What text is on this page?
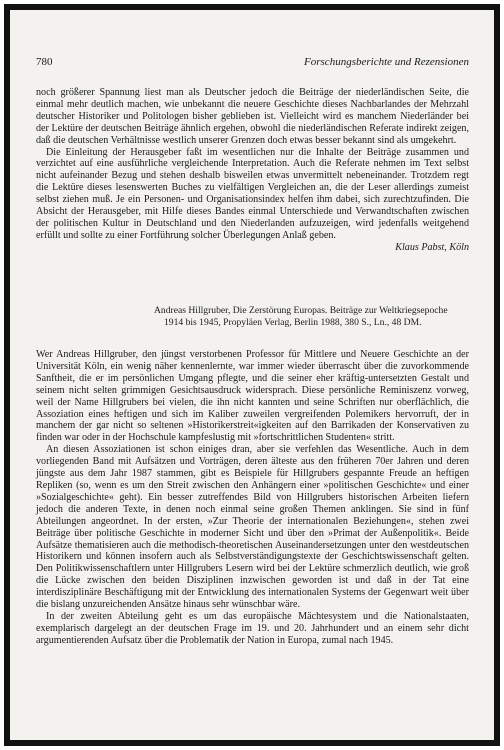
780	Forschungsberichte und Rezensionen

noch größerer Spannung liest man als Deutscher jedoch die Beiträge der niederländischen Seite, die einmal mehr deutlich machen, wie unbekannt die neuere Geschichte dieses Nachbarlandes der Mehrzahl deutscher Historiker und Politologen bisher geblieben ist. Vielleicht wird es manchem Niederländer bei der Lektüre der deutschen Beiträge ähnlich ergehen, obwohl die niederländischen Referate indirekt zeigen, daß die deutschen Verhältnisse westlich unserer Grenzen doch etwas besser bekannt sind als umgekehrt.

Die Einleitung der Herausgeber faßt im wesentlichen nur die Inhalte der Beiträge zusammen und verzichtet auf eine ausführliche vergleichende Interpretation. Auch die Referate nehmen im Text selbst nicht aufeinander Bezug und stehen deshalb bisweilen etwas unvermittelt nebeneinander. Trotzdem regt die Lektüre dieses lesenswerten Buches zu vielfältigen Vergleichen an, die der Leser allerdings zumeist selbst ziehen muß. Je ein Personen- und Organisationsindex helfen ihm dabei, sich zurechtzufinden. Die Absicht der Herausgeber, mit Hilfe dieses Bandes einmal Unterschiede und Verwandtschaften zwischen der politischen Kultur in Deutschland und den Niederlanden aufzuzeigen, wird jedenfalls weitgehend erfüllt und sollte zu einer Fortführung solcher Überlegungen Anlaß geben.

Klaus Pabst, Köln
Andreas Hillgruber, Die Zerstörung Europas. Beiträge zur Weltkriegsepoche
1914 bis 1945, Propyläen Verlag, Berlin 1988, 380 S., Ln., 48 DM.

Wer Andreas Hillgruber, den jüngst verstorbenen Professor für Mittlere und Neuere Geschichte an der Universität Köln, ein wenig näher kennenlernte, war immer wieder überrascht über die zuvorkommende Sanftheit, die er im persönlichen Umgang pflegte, und die seiner eher kräftig-untersetzten Gestalt und seinem nicht selten grimmigen Gesichtsausdruck widersprach. Diese persönliche Reminiszenz vorweg, weil der Name Hillgrubers bei vielen, die ihn nicht kannten und seine Schriften nur oberflächlich, die Assoziation eines heftigen und sich im Kaliber zuweilen vergreifenden Polemikers hervorruft, der in manchem der gar nicht so seltenen »Historikerstreit«igkeiten auf den Barrikaden der Konservativen zu finden war oder in der Hochschule kampfeslustig mit »fortschrittlichen Studenten« stritt.

An diesen Assoziationen ist schon einiges dran, aber sie verfehlen das Wesentliche. Auch in dem vorliegenden Band mit Aufsätzen und Vorträgen, deren älteste aus den früheren 70er Jahren und deren jüngste aus dem Jahr 1987 stammen, gibt es Beispiele für Hillgrubers gespannte Freude an heftigen Repliken (so, wenn es um den Streit zwischen den Anhängern einer »politischen Geschichte« und einer »Sozialgeschichte« geht). Ein besser zutreffendes Bild von Hillgrubers historischen Arbeiten liefern jedoch die anderen Texte, in denen noch einmal seine großen Themen anklingen. Sie sind in fünf Abteilungen angeordnet. In der ersten, »Zur Theorie der internationalen Beziehungen«, stehen zwei Beiträge über politische Geschichte in moderner Sicht und über den »Primat der Außenpolitik«. Beide Aufsätze thematisieren auch die methodisch-theoretischen Auseinandersetzungen unter den westdeutschen Historikern und können insofern auch als Selbstverständigungstexte der Geschichtswissenschaft gelten. Den Politikwissenschaftlern unter Hillgrubers Lesern wird bei der Lektüre schmerzlich deutlich, wie groß die Lücke zwischen den beiden Disziplinen inzwischen geworden ist und daß in der Tat eine interdisziplinäre Beschäftigung mit der Entwicklung des internationalen Systems der Gegenwart weit über die bislang unzureichenden Ansätze hinaus sehr wünschbar wäre.

In der zweiten Abteilung geht es um das europäische Mächtesystem und die Nationalstaaten, exemplarisch dargelegt an der deutschen Frage im 19. und 20. Jahrhundert und an einem sehr dicht argumentierenden Aufsatz über die Problematik der Nation in Europa, zumal nach 1945.
